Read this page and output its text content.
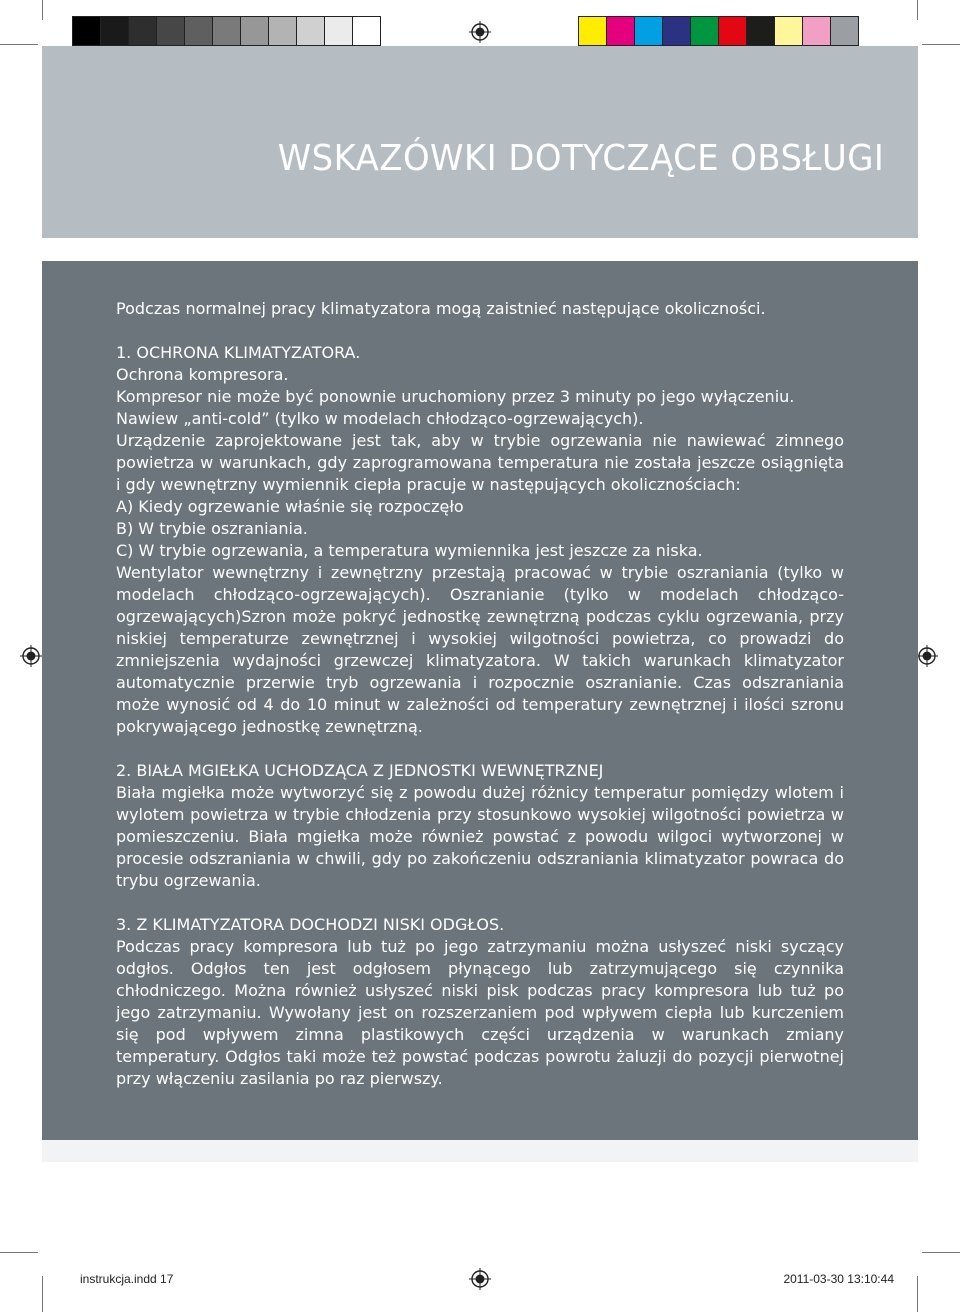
WSKAZÓWKI DOTYCZĄCE OBSŁUGI

Podczas normalnej pracy klimatyzatora mogą zaistnieć następujące okoliczności.

1. OCHRONA KLIMATYZATORA.

Ochrona kompresora.

Kompresor nie może być ponownie uruchomiony przez 3 minuty po jego wyłączeniu.

Nawiew „anti-cold” (tylko w modelach chłodząco-ogrzewających).

Urządzenie zaprojektowane jest tak, aby w trybie ogrzewania nie nawiewać zimnego powietrza w warunkach, gdy zaprogramowana temperatura nie została jeszcze osiągnięta i gdy wewnętrzny wymiennik ciepła pracuje w następujących okolicznościach:

A) Kiedy ogrzewanie właśnie się rozpoczęło

B) W trybie oszraniania.

C) W trybie ogrzewania, a temperatura wymiennika jest jeszcze za niska.

Wentylator wewnętrzny i zewnętrzny przestają pracować w trybie oszraniania (tylko w modelach chłodząco-ogrzewających). Oszranianie (tylko w modelach chłodząco-ogrzewających)Szron może pokryć jednostkę zewnętrzną podczas cyklu ogrzewania, przy niskiej temperaturze zewnętrznej i wysokiej wilgotności powietrza, co prowadzi do zmniejszenia wydajności grzewczej klimatyzatora. W takich warunkach klimatyzator automatycznie przerwie tryb ogrzewania i rozpocznie oszranianie. Czas odszraniania może wynosić od 4 do 10 minut w zależności od temperatury zewnętrznej i ilości szronu pokrywającego jednostkę zewnętrzną.

2. BIAŁA MGIEŁKA UCHODZĄCA Z JEDNOSTKI WEWNĘTRZNEJ

Biała mgiełka może wytworzyć się z powodu dużej różnicy temperatur pomiędzy wlotem i wylotem powietrza w trybie chłodzenia przy stosunkowo wysokiej wilgotności powietrza w pomieszczeniu. Biała mgiełka może również powstać z powodu wilgoci wytworzonej w procesie odszraniania w chwili, gdy po zakończeniu odszraniania klimatyzator powraca do trybu ogrzewania.

3. Z KLIMATYZATORA DOCHODZI NISKI ODGŁOS.

Podczas pracy kompresora lub tuż po jego zatrzymaniu można usłyszeć niski syczący odgłos. Odgłos ten jest odgłosem płynącego lub zatrzymującego się czynnika chłodniczego. Można również usłyszeć niski pisk podczas pracy kompresora lub tuż po jego zatrzymaniu. Wywołany jest on rozszerzaniem pod wpływem ciepła lub kurczeniem się pod wpływem zimna plastikowych części urządzenia w warunkach zmiany temperatury. Odgłos taki może też powstać podczas powrotu żaluzji do pozycji pierwotnej przy włączeniu zasilania po raz pierwszy.

instrukcja.indd 17	2011-03-30 13:10:44
